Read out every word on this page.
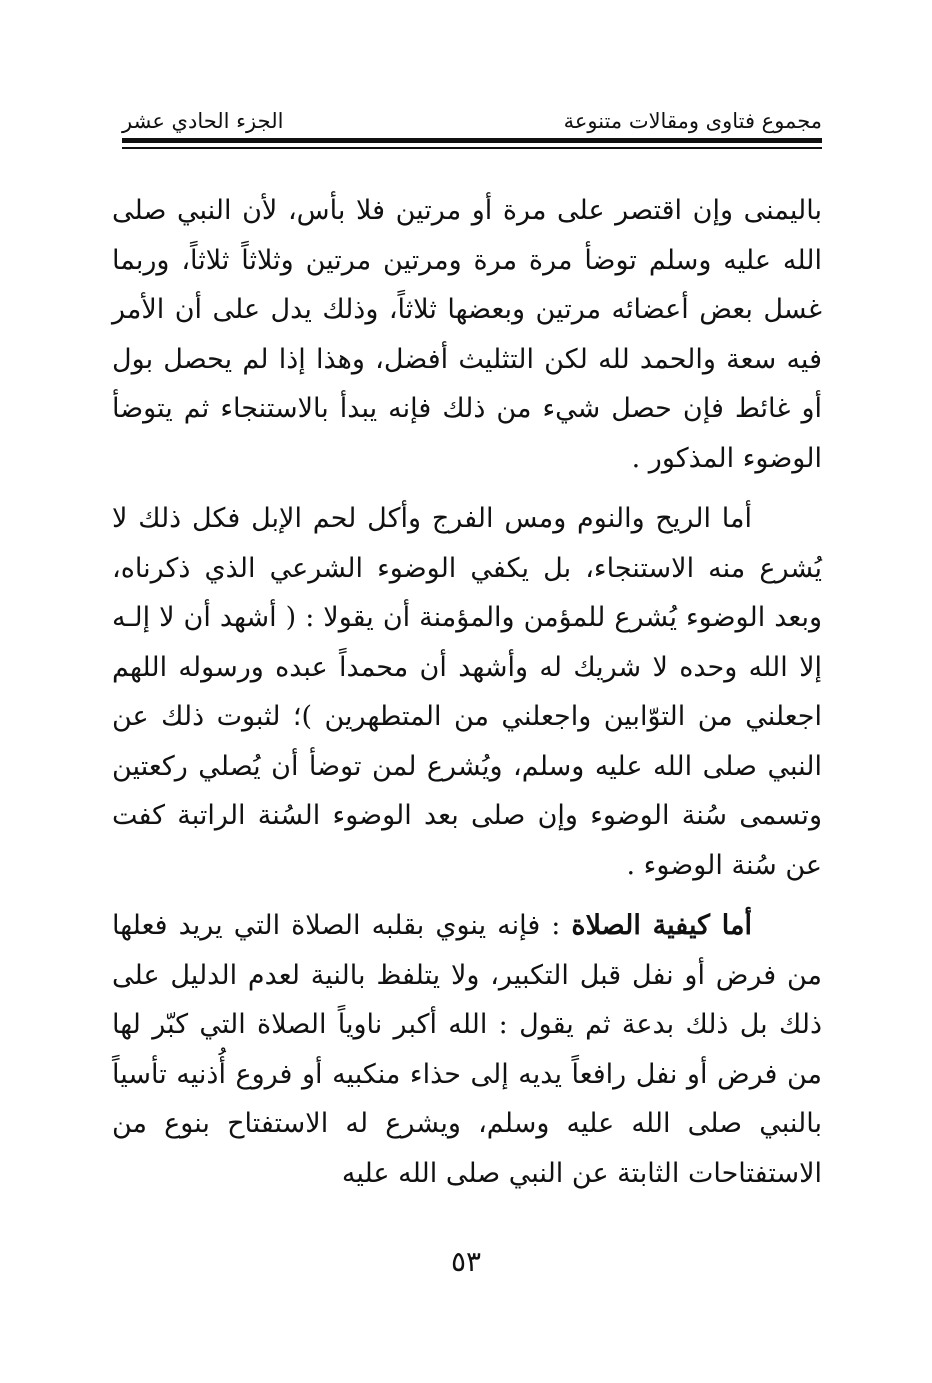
مجموع فتاوى ومقالات متنوعة
الجزء الحادي عشر

باليمنى وإن اقتصر على مرة أو مرتين فلا بأس، لأن النبي صلى الله عليه وسلم توضأ مرة مرة ومرتين مرتين وثلاثاً ثلاثاً، وربما غسل بعض أعضائه مرتين وبعضها ثلاثاً، وذلك يدل على أن الأمر فيه سعة والحمد لله لكن التثليث أفضل، وهذا إذا لم يحصل بول أو غائط فإن حصل شيء من ذلك فإنه يبدأ بالاستنجاء ثم يتوضأ الوضوء المذكور .

أما الريح والنوم ومس الفرج وأكل لحم الإبل فكل ذلك لا يُشرع منه الاستنجاء، بل يكفي الوضوء الشرعي الذي ذكرناه، وبعد الوضوء يُشرع للمؤمن والمؤمنة أن يقولا : ( أشهد أن لا إلـه إلا الله وحده لا شريك له وأشهد أن محمداً عبده ورسوله اللهم اجعلني من التوّابين واجعلني من المتطهرين )؛ لثبوت ذلك عن النبي صلى الله عليه وسلم، ويُشرع لمن توضأ أن يُصلي ركعتين وتسمى سُنة الوضوء وإن صلى بعد الوضوء السُنة الراتبة كفت عن سُنة الوضوء .

أما كيفية الصلاة : فإنه ينوي بقلبه الصلاة التي يريد فعلها من فرض أو نفل قبل التكبير، ولا يتلفظ بالنية لعدم الدليل على ذلك بل ذلك بدعة ثم يقول : الله أكبر ناوياً الصلاة التي كبّر لها من فرض أو نفل رافعاً يديه إلى حذاء منكبيه أو فروع أُذنيه تأسياً بالنبي صلى الله عليه وسلم، ويشرع له الاستفتاح بنوع من الاستفتاحات الثابتة عن النبي صلى الله عليه

٥٣
